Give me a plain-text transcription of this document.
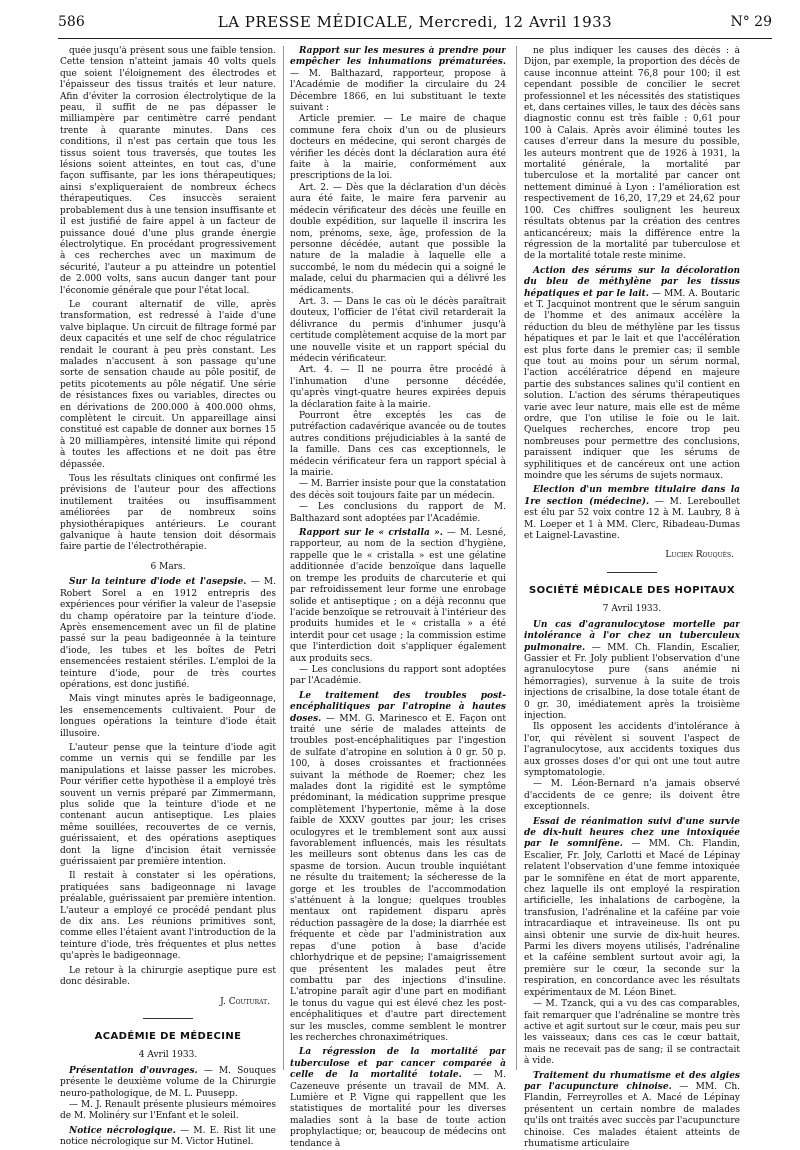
586	LA PRESSE MÉDICALE, Mercredi, 12 Avril 1933	N° 29

quée jusqu'à présent sous une faible tension. Cette tension n'atteint jamais 40 volts quels que soient l'éloignement des électrodes et l'épaisseur des tissus traités et leur nature. Afin d'éviter la corrosion électrolytique de la peau, il suffit de ne pas dépasser le milliampère par centimètre carré pendant trente à quarante minutes. Dans ces conditions, il n'est pas certain que tous les tissus soient tous traversés, que toutes les lésions soient atteintes, en tout cas, d'une façon suffisante, par les ions thérapeutiques; ainsi s'expliqueraient de nombreux échecs thérapeutiques. Ces insuccès seraient probablement dus à une tension insuffisante et il est justifié de faire appel à un facteur de puissance doué d'une plus grande énergie électrolytique. En procédant progressivement à ces recherches avec un maximum de sécurité, l'auteur a pu atteindre un potentiel de 2.000 volts, sans aucun danger tant pour l'économie générale que pour l'état local.

Le courant alternatif de ville, après transformation, est redressé à l'aide d'une valve biplaque. Un circuit de filtrage formé par deux capacités et une self de choc régulatrice rendait le courant à peu près constant. Les malades n'accusent à son passage qu'une sorte de sensation chaude au pôle positif, de petits picotements au pôle négatif. Une série de résistances fixes ou variables, directes ou en dérivations de 200.000 à 400.000 ohms, complètent le circuit. Un appareillage ainsi constitué est capable de donner aux bornes 15 à 20 milliampères, intensité limite qui répond à toutes les affections et ne doit pas être dépassée.

Tous les résultats cliniques ont confirmé les prévisions de l'auteur pour des affections inutilement traitées ou insuffisamment améliorées par de nombreux soins physiothérapiques antérieurs. Le courant galvanique à haute tension doit désormais faire partie de l'électrothérapie.

6 Mars.

Sur la teinture d'iode et l'asepsie. — M. Robert Sorel a en 1912 entrepris des expériences pour vérifier la valeur de l'asepsie du champ opératoire par la teinture d'iode. Après ensemencement avec un fil de platine passé sur la peau badigeonnée à la teinture d'iode, les tubes et les boîtes de Petri ensemencées restaient stériles. L'emploi de la teinture d'iode, pour de très courtes opérations, est donc justifié.

Mais vingt minutes après le badigeonnage, les ensemencements cultivaient. Pour de longues opérations la teinture d'iode était illusoire.

L'auteur pense que la teinture d'iode agit comme un vernis qui se fendille par les manipulations et laisse passer les microbes. Pour vérifier cette hypothèse il a employé très souvent un vernis préparé par Zimmermann, plus solide que la teinture d'iode et ne contenant aucun antiseptique. Les plaies même souillées, recouvertes de ce vernis, guérissaient, et des opérations aseptiques dont la ligne d'incision était vernissée guérissaient par première intention.

Il restait à constater si les opérations, pratiquées sans badigeonnage ni lavage préalable, guérissaient par première intention. L'auteur a employé ce procédé pendant plus de dix ans. Les réunions primitives sont, comme elles l'étaient avant l'introduction de la teinture d'iode, très fréquentes et plus nettes qu'après le badigeonnage.

Le retour à la chirurgie aseptique pure est donc désirable.

J. Couturat.
ACADÉMIE DE MÉDECINE
4 Avril 1933.

Présentation d'ouvrages. — M. Souques présente le deuxième volume de la Chirurgie neuro-pathologique, de M. L. Puusepp.

— M. J. Renault présente plusieurs mémoires de M. Molinéry sur l'Enfant et le soleil.

Notice nécrologique. — M. E. Rist lit une notice nécrologique sur M. Victor Hutinel.

Rapport sur les mesures à prendre pour empêcher les inhumations prématurées. — M. Balthazard, rapporteur, propose à l'Académie de modifier la circulaire du 24 Décembre 1866, en lui substituant le texte suivant :

Article premier. — Le maire de chaque commune fera choix d'un ou de plusieurs docteurs en médecine, qui seront chargés de vérifier les décès dont la déclaration aura été faite à la mairie, conformément aux prescriptions de la loi.

Art. 2. — Dès que la déclaration d'un décès aura été faite, le maire fera parvenir au médecin vérificateur des décès une feuille en double expédition, sur laquelle il inscrira les nom, prénoms, sexe, âge, profession de la personne décédée, autant que possible la nature de la maladie à laquelle elle a succombé, le nom du médecin qui a soigné le malade, celui du pharmacien qui a délivré les médicaments.

Art. 3. — Dans le cas où le décès paraîtrait douteux, l'officier de l'état civil retarderait la délivrance du permis d'inhumer jusqu'à certitude complètement acquise de la mort par une nouvelle visite et un rapport spécial du médecin vérificateur.

Art. 4. — Il ne pourra être procédé à l'inhumation d'une personne décédée, qu'après vingt-quatre heures expirées depuis la déclaration faite à la mairie.

Pourront être exceptés les cas de putréfaction cadavérique avancée ou de toutes autres conditions préjudiciables à la santé de la famille. Dans ces cas exceptionnels, le médecin vérificateur fera un rapport spécial à la mairie.

— M. Barrier insiste pour que la constatation des décès soit toujours faite par un médecin.

— Les conclusions du rapport de M. Balthazard sont adoptées par l'Académie.

Rapport sur le « cristalla ». — M. Lesné, rapporteur, au nom de la section d'hygiène, rappelle que le « cristalla » est une gélatine additionnée d'acide benzoïque dans laquelle on trempe les produits de charcuterie et qui par refroidissement leur forme une enrobage solide et antiseptique ; on a déjà reconnu que l'acide benzoïque se retrouvait à l'intérieur des produits humides et le « cristalla » a été interdit pour cet usage ; la commission estime que l'interdiction doit s'appliquer également aux produits secs.

— Les conclusions du rapport sont adoptées par l'Académie.

Le traitement des troubles post-encéphalitiques par l'atropine à hautes doses. — MM. G. Marinesco et E. Façon ont traité une série de malades atteints de troubles post-encéphalitiques par l'ingestion de sulfate d'atropine en solution à 0 gr. 50 p. 100, à doses croissantes et fractionnées suivant la méthode de Roemer; chez les malades dont la rigidité est le symptôme prédominant, la médication supprime presque complètement l'hypertonie, même à la dose faible de XXXV gouttes par jour; les crises oculogyres et le tremblement sont aux aussi favorablement influencés, mais les résultats les meilleurs sont obtenus dans les cas de spasme de torsion. Aucun trouble inquiétant ne résulte du traitement; la sécheresse de la gorge et les troubles de l'accommodation s'atténuent à la longue; quelques troubles mentaux ont rapidement disparu après réduction passagère de la dose; la diarrhée est fréquente et cède par l'administration aux repas d'une potion à base d'acide chlorhydrique et de pepsine; l'amaigrissement que présentent les malades peut être combattu par des injections d'insuline. L'atropine paraît agir d'une part en modifiant le tonus du vague qui est élevé chez les post-encéphalitiques et d'autre part directement sur les muscles, comme semblent le montrer les recherches chronaximétriques.

La régression de la mortalité par tuberculose et par cancer comparée à celle de la mortalité totale. — M. Cazeneuve présente un travail de MM. A. Lumière et P. Vigne qui rappellent que les statistiques de mortalité pour les diverses maladies sont à la base de toute action prophylactique; or, beaucoup de médecins ont tendance à

ne plus indiquer les causes des décès : à Dijon, par exemple, la proportion des décès de cause inconnue atteint 76,8 pour 100; il est cependant possible de concilier le secret professionnel et les nécessités des statistiques et, dans certaines villes, le taux des décès sans diagnostic connu est très faible : 0,61 pour 100 à Calais. Après avoir éliminé toutes les causes d'erreur dans la mesure du possible, les auteurs montrent que de 1926 à 1931, la mortalité générale, la mortalité par tuberculose et la mortalité par cancer ont nettement diminué à Lyon : l'amélioration est respectivement de 16,20, 17,29 et 24,62 pour 100. Ces chiffres soulignent les heureux résultats obtenus par la création des centres anticancéreux; mais la différence entre la régression de la mortalité par tuberculose et de la mortalité totale reste minime.

Action des sérums sur la décoloration du bleu de méthylène par les tissus hépatiques et par le lait. — MM. A. Boutaric et T. Jacquinot montrent que le sérum sanguin de l'homme et des animaux accélère la réduction du bleu de méthylène par les tissus hépatiques et par le lait et que l'accélération est plus forte dans le premier cas; il semble que tout au moins pour un sérum normal, l'action accélératrice dépend en majeure partie des substances salines qu'il contient en solution. L'action des sérums thérapeutiques varie avec leur nature, mais elle est de même ordre, que l'on utilise le foie ou le lait. Quelques recherches, encore trop peu nombreuses pour permettre des conclusions, paraissent indiquer que les sérums de syphilitiques et de cancéreux ont une action moindre que les sérums de sujets normaux.

Election d'un membre titulaire dans la 1re section (médecine). — M. Lereboullet est élu par 52 voix contre 12 à M. Laubry, 8 à M. Loeper et 1 à MM. Clerc, Ribadeau-Dumas et Laignel-Lavastine.

Lucien Rouquès.
SOCIÉTÉ MÉDICALE DES HOPITAUX
7 Avril 1933.

Un cas d'agranulocytose mortelle par intolérance à l'or chez un tuberculeux pulmonaire. — MM. Ch. Flandin, Escalier, Gassier et Fr. Joly publient l'observation d'une agranulocytose pure (sans anémie ni hémorragies), survenue à la suite de trois injections de crisalbine, la dose totale étant de 0 gr. 30, imédiatement après la troisième injection.

Ils opposent les accidents d'intolérance à l'or, qui révèlent si souvent l'aspect de l'agranulocytose, aux accidents toxiques dus aux grosses doses d'or qui ont une tout autre symptomatologie.

— M. Léon-Bernard n'a jamais observé d'accidents de ce genre; ils doivent être exceptionnels.

Essai de réanimation suivi d'une survie de dix-huit heures chez une intoxiquée par le somnifène. — MM. Ch. Flandin, Escalier, Fr. Joly, Carlotti et Macé de Lépinay relatent l'observation d'une femme intoxiquée par le somnifène en état de mort apparente, chez laquelle ils ont employé la respiration artificielle, les inhalations de carbogène, la transfusion, l'adrénaline et la caféine par voie intracardiaque et intraveineuse. Ils ont pu ainsi obtenir une survie de dix-huit heures. Parmi les divers moyens utilisés, l'adrénaline et la caféine semblent surtout avoir agi, la première sur le cœur, la seconde sur la respiration, en concordance avec les résultats expérimentaux de M. Léon Binet.

— M. Tzanck, qui a vu des cas comparables, fait remarquer que l'adrénaline se montre très active et agit surtout sur le cœur, mais peu sur les vaisseaux; dans ces cas le cœur battait, mais ne recevait pas de sang; il se contractait à vide.

Traitement du rhumatisme et des algies par l'acupuncture chinoise. — MM. Ch. Flandin, Ferreyrolles et A. Macé de Lépinay présentent un certain nombre de malades qu'ils ont traités avec succès par l'acupuncture chinoise. Ces malades étaient atteints de rhumatisme articulaire
